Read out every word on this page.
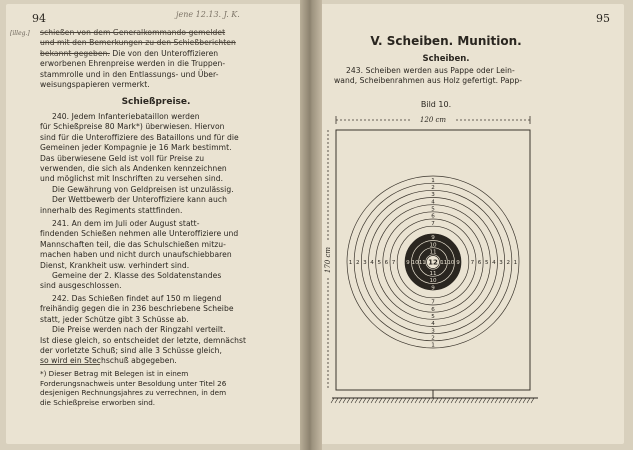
94	jene 12.13. J. K.
[illeg.] schießen von dem Generalkommando gemeldet
und mit den Bemerkungen zu den Schießberichten
bekannt gegeben. Die von den Unteroffizieren
erworbenen Ehrenpreise werden in die Truppen-
stammrolle und in den Entlassungs- und Über-
weisungspapieren vermerkt.
Schießpreise.
240. Jedem Infanteriebataillon werden
für Schießpreise 80 Mark*) überwiesen. Hiervon
sind für die Unteroffiziere des Bataillons und für die
Gemeinen jeder Kompagnie je 16 Mark bestimmt.
Das überwiesene Geld ist voll für Preise zu
verwenden, die sich als Andenken kennzeichnen
und möglichst mit Inschriften zu versehen sind.
Die Gewährung von Geldpreisen ist unzulässig.
Der Wettbewerb der Unteroffiziere kann auch
innerhalb des Regiments stattfinden.
241. An dem im Juli oder August statt-
findenden Schießen nehmen alle Unteroffiziere und
Mannschaften teil, die das Schulschießen mitzu-
machen haben und nicht durch unaufschiebbaren
Dienst, Krankheit usw. verhindert sind.
Gemeine der 2. Klasse des Soldatenstandes
sind ausgeschlossen.
242. Das Schießen findet auf 150 m liegend
freihändig gegen die in 236 beschriebene Scheibe
statt, jeder Schütze gibt 3 Schüsse ab.
Die Preise werden nach der Ringzahl verteilt.
Ist diese gleich, so entscheidet der letzte, demnächst
der vorletzte Schuß; sind alle 3 Schüsse gleich,
so wird ein Stechschuß abgegeben.
*) Dieser Betrag mit Belegen ist in einem
Forderungsnachweis unter Besoldung unter Titel 26
desjenigen Rechnungsjahres zu verrechnen, in dem
die Schießpreise erworben sind.
95
V. Scheiben. Munition.
Scheiben.
243. Scheiben werden aus Pappe oder Lein-
wand, Scheibenrahmen aus Holz gefertigt. Papp-
Bild 10.
120 cm
170 cm
1
1
1	1
2
2
2	2
3
3
3	3
4
4
4	4
5
5
5	5
6
6
6	6
7
7
7	7
8
8
8	8
9
9
9	9
10
10
10	10
11
11
11	11
12
